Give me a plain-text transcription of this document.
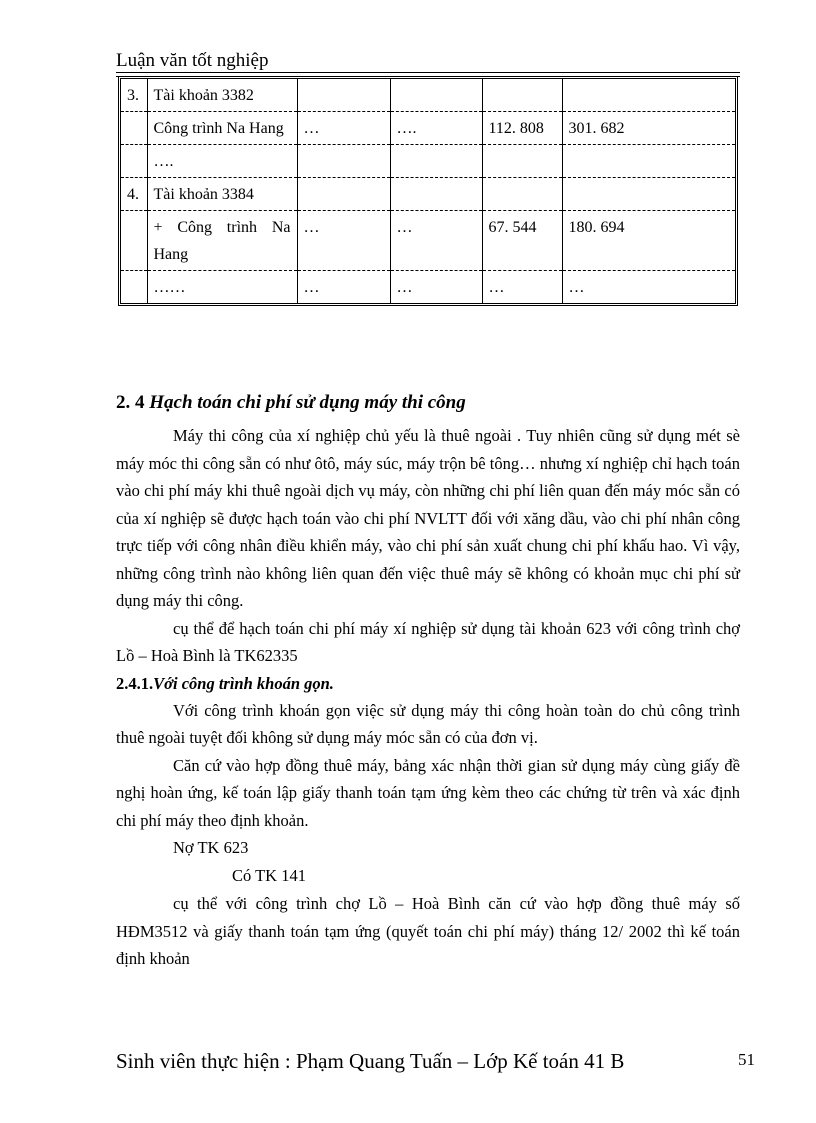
Luận văn tốt nghiệp
3.	Tài khoản 3382				
	Công trình Na Hang	…	….	112. 808	301. 682
	….				
4.	Tài khoản 3384				
	+ Công trình Na Hang	…	…	67. 544	180. 694
	……	…	…	…	…
2. 4 Hạch toán chi phí sử dụng máy thi công

Máy thi công của xí nghiệp chủ yếu là thuê ngoài . Tuy nhiên cũng sử dụng mét sè máy móc thi công sẵn có như ôtô, máy súc, máy trộn bê tông… nhưng xí nghiệp chỉ hạch toán vào chi phí máy khi thuê ngoài dịch vụ máy, còn những chi phí liên quan đến máy móc sẵn có của xí nghiệp sẽ được hạch toán vào chi phí NVLTT đối với xăng dầu, vào chi phí nhân công trực tiếp với công nhân điều khiển máy, vào chi phí sản xuất chung chi phí khấu hao. Vì vậy, những công trình nào không liên quan đến việc thuê máy sẽ không có khoản mục chi phí sử dụng máy thi công.

cụ thể để hạch toán chi phí máy xí nghiệp sử dụng tài khoản 623 với công trình chợ Lồ – Hoà Bình là TK62335

2.4.1.Với công trình khoán gọn.

Với công trình khoán gọn việc sử dụng máy thi công hoàn toàn do chủ công trình thuê ngoài tuyệt đối không sử dụng máy móc sẵn có của đơn vị.

Căn cứ vào hợp đồng thuê máy, bảng xác nhận thời gian sử dụng máy cùng giấy đề nghị hoàn ứng, kế toán lập giấy thanh toán tạm ứng kèm theo các chứng từ trên và xác định chi phí máy theo định khoản.

Nợ TK 623
Có TK 141

cụ thể với công trình chợ Lồ – Hoà Bình căn cứ vào hợp đồng thuê máy số HĐM3512 và giấy thanh toán tạm ứng (quyết toán chi phí máy) tháng 12/ 2002 thì kế toán định khoản

Sinh viên thực hiện : Phạm Quang Tuấn – Lớp Kế toán 41 B	51
